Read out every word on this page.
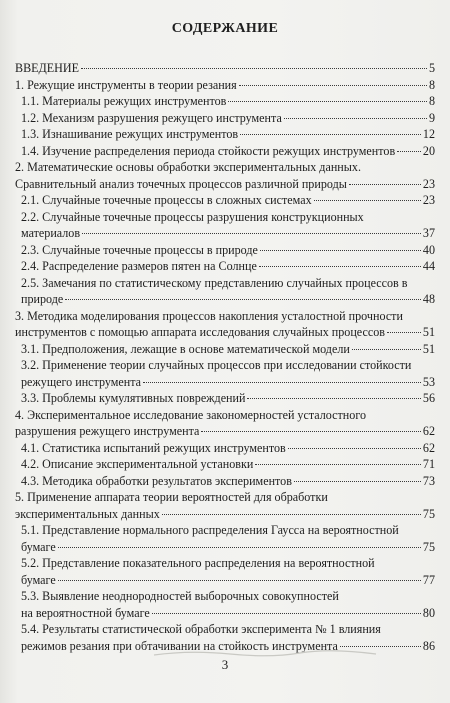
СОДЕРЖАНИЕ
ВВЕДЕНИЕ	5
1. Режущие инструменты в теории резания	8
1.1. Материалы режущих инструментов	8
1.2. Механизм разрушения режущего инструмента	9
1.3. Изнашивание режущих инструментов	12
1.4. Изучение распределения периода стойкости режущих инструментов 20
2. Математические основы обработки экспериментальных данных.
Сравнительный анализ точечных процессов различной природы	23
2.1. Случайные точечные процессы в сложных системах	23
2.2. Случайные точечные процессы разрушения конструкционных
материалов	37
2.3. Случайные точечные процессы в природе	40
2.4. Распределение размеров пятен на Солнце	44
2.5. Замечания по статистическому представлению случайных процессов в
природе	48
3. Методика моделирования процессов накопления усталостной прочности
инструментов с помощью аппарата исследования случайных процессов	51
3.1. Предположения, лежащие в основе математической модели	51
3.2. Применение теории случайных процессов при исследовании стойкости
режущего инструмента	53
3.3. Проблемы кумулятивных повреждений	56
4. Экспериментальное исследование закономерностей усталостного
разрушения режущего инструмента	62
4.1. Статистика испытаний режущих инструментов	62
4.2. Описание экспериментальной установки	71
4.3. Методика обработки результатов экспериментов	73
5. Применение аппарата теории вероятностей для обработки
экспериментальных данных	75
5.1. Представление нормального распределения Гаусса на вероятностной
бумаге	75
5.2. Представление показательного распределения на вероятностной
бумаге	77
5.3. Выявление неоднородностей выборочных совокупностей
на вероятностной бумаге	80
5.4. Результаты статистической обработки эксперимента № 1 влияния
режимов резания при обтачивании на стойкость инструмента	86
3
